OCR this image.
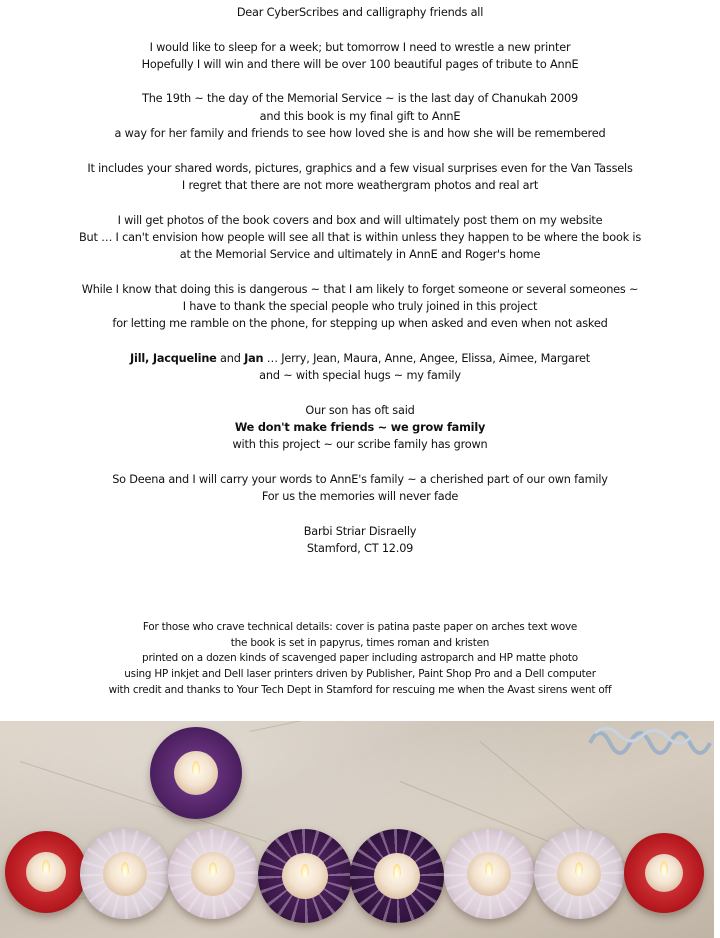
Dear CyberScribes and calligraphy friends all
I would like to sleep for a week; but tomorrow I need to wrestle a new printer
Hopefully I will win and there will be over 100 beautiful pages of tribute to AnnE
The 19th ~ the day of the Memorial Service ~ is the last day of Chanukah 2009
and this book is my final gift to AnnE
a way for her family and friends to see how loved she is and how she will be remembered
It includes your shared words, pictures, graphics and a few visual surprises even for the Van Tassels
I regret that there are not more weathergram photos and real art
I will get photos of the book covers and box and will ultimately post them on my website
But … I can't envision how people will see all that is within unless they happen to be where the book is
at the Memorial Service and ultimately in AnnE and Roger's home
While I know that doing this is dangerous ~ that I am likely to forget someone or several someones ~
I have to thank the special people who truly joined in this project
for letting me ramble on the phone, for stepping up when asked and even when not asked
Jill, Jacqueline and Jan … Jerry, Jean, Maura, Anne, Angee, Elissa, Aimee, Margaret
and ~ with special hugs ~ my family
Our son has oft said
We don't make friends ~ we grow family
with this project ~ our scribe family has grown
So Deena and I will carry your words to AnnE's family ~ a cherished part of our own family
For us the memories will never fade
Barbi Striar Disraelly
Stamford, CT 12.09
For those who crave technical details: cover is patina paste paper on arches text wove
the book is set in papyrus, times roman and kristen
printed on a dozen kinds of scavenged paper including astroparch and HP matte photo
using HP inkjet and Dell laser printers driven by Publisher, Paint Shop Pro and a Dell computer
with credit and thanks to Your Tech Dept in Stamford for rescuing me when the Avast sirens went off
